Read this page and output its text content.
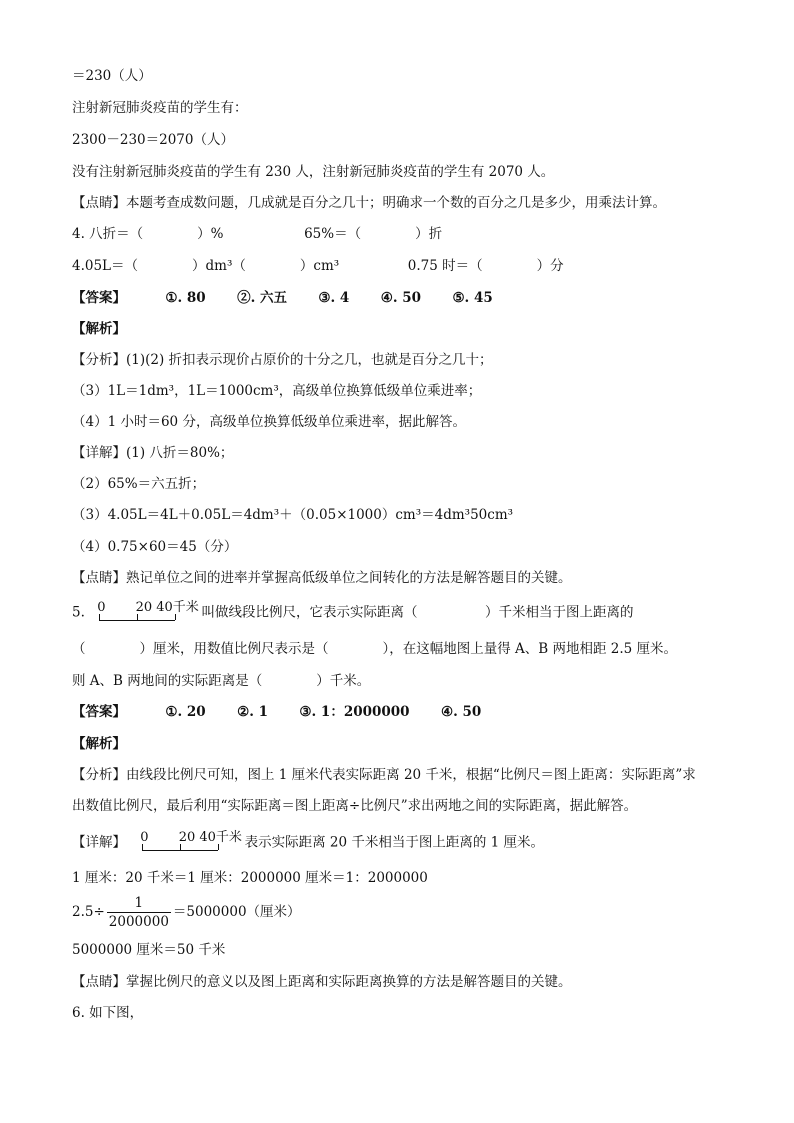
＝230（人）
注射新冠肺炎疫苗的学生有：
2300－230＝2070（人）
没有注射新冠肺炎疫苗的学生有 230 人，注射新冠肺炎疫苗的学生有 2070 人。
【点睛】本题考查成数问题，几成就是百分之几十；明确求一个数的百分之几是多少，用乘法计算。
4. 八折＝（　　　　）%	65%＝（　　　　）折
4.05L＝（　　　　）dm³（　　　　）cm³	0.75 时＝（　　　　）分
【答案】	①. 80 ②. 六五 ③. 4 ④. 50 ⑤. 45
【解析】
【分析】(1)(2) 折扣表示现价占原价的十分之几，也就是百分之几十；
（3）1L＝1dm³，1L＝1000cm³，高级单位换算低级单位乘进率；
（4）1 小时＝60 分，高级单位换算低级单位乘进率，据此解答。
【详解】(1) 八折＝80%；
（2）65%＝六五折；
（3）4.05L＝4L＋0.05L＝4dm³＋（0.05×1000）cm³＝4dm³50cm³
（4）0.75×60＝45（分）
【点睛】熟记单位之间的进率并掌握高低级单位之间转化的方法是解答题目的关键。
5. 0　　 20 40千米 叫做线段比例尺，它表示实际距离（　　　　　）千米相当于图上距离的
（　　　　）厘米，用数值比例尺表示是（　　　　），在这幅地图上量得 A、B 两地相距 2.5 厘米。
则 A、B 两地间的实际距离是（　　　　）千米。
【答案】	①. 20 ②. 1 ③. 1：2000000 ④. 50
【解析】
【分析】由线段比例尺可知，图上 1 厘米代表实际距离 20 千米，根据“比例尺＝图上距离：实际距离”求
出数值比例尺，最后利用“实际距离＝图上距离÷比例尺”求出两地之间的实际距离，据此解答。
【详解】 0　　 20 40千米 表示实际距离 20 千米相当于图上距离的 1 厘米。
1 厘米：20 千米＝1 厘米：2000000 厘米＝1：2000000
$2.5\div \frac{1}{2000000} =5000000$（厘米）
5000000 厘米＝50 千米
【点睛】掌握比例尺的意义以及图上距离和实际距离换算的方法是解答题目的关键。
6. 如下图，
